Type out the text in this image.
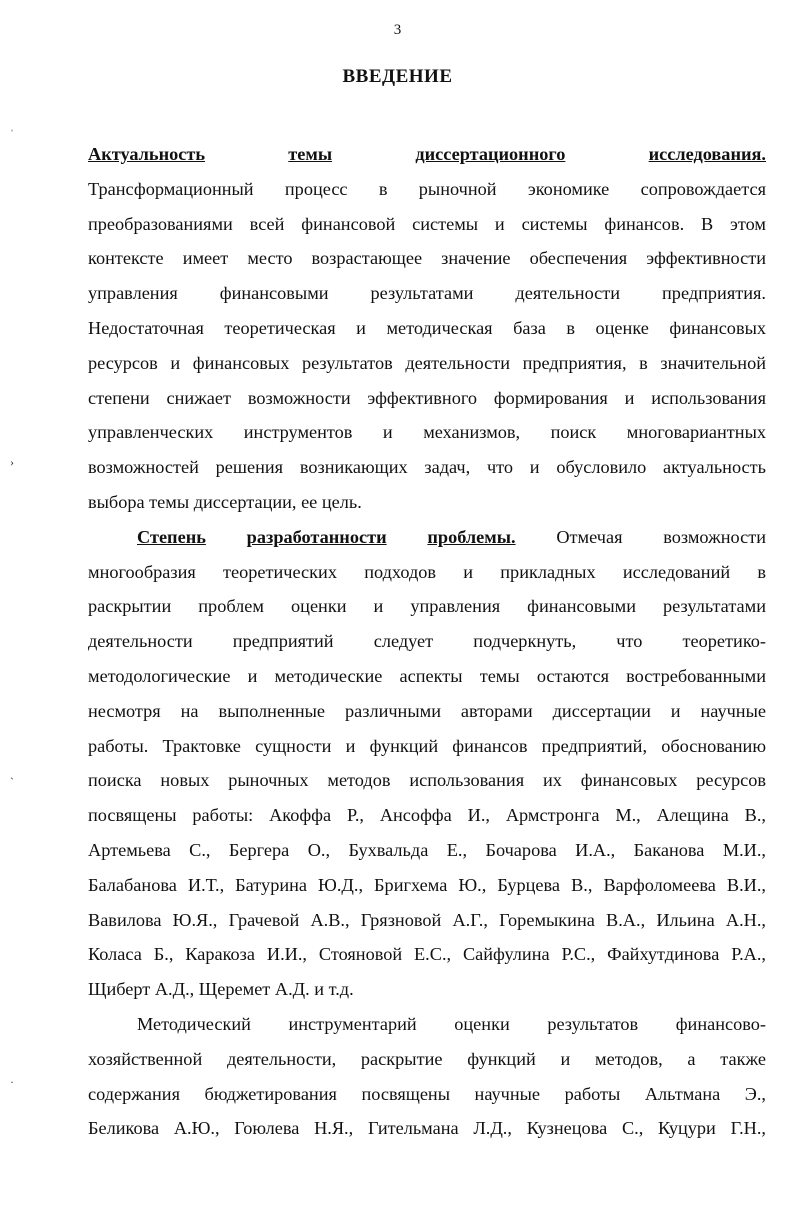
3
ВВЕДЕНИЕ
ˌ
›
ˋ
·
Актуальность	темы	диссертационного	исследования.
Трансформационный процесс в рыночной экономике сопровождается
преобразованиями всей финансовой системы и системы финансов. В этом
контексте имеет место возрастающее значение обеспечения эффективности
управления финансовыми результатами деятельности предприятия.
Недостаточная теоретическая и методическая база в оценке финансовых
ресурсов и финансовых результатов деятельности предприятия, в значительной
степени снижает возможности эффективного формирования и использования
управленческих инструментов и механизмов, поиск многовариантных
возможностей решения возникающих задач, что и обусловило актуальность
выбора темы диссертации, ее цель.
Степень разработанности проблемы. Отмечая возможности
многообразия теоретических подходов и прикладных исследований в
раскрытии проблем оценки и управления финансовыми результатами
деятельности предприятий следует подчеркнуть, что теоретико-
методологические и методические аспекты темы остаются востребованными
несмотря на выполненные различными авторами диссертации и научные
работы. Трактовке сущности и функций финансов предприятий, обоснованию
поиска новых рыночных методов использования их финансовых ресурсов
посвящены работы: Акоффа Р., Ансоффа И., Армстронга М., Алещина В.,
Артемьева С., Бергера О., Бухвальда Е., Бочарова И.А., Баканова М.И.,
Балабанова И.Т., Батурина Ю.Д., Бригхема Ю., Бурцева В., Варфоломеева В.И.,
Вавилова Ю.Я., Грачевой А.В., Грязновой А.Г., Горемыкина В.А., Ильина А.Н.,
Коласа Б., Каракоза И.И., Стояновой Е.С., Сайфулина Р.С., Файхутдинова Р.А.,
Щиберт А.Д., Щеремет А.Д. и т.д.
Методический инструментарий оценки результатов финансово-
хозяйственной деятельности, раскрытие функций и методов, а также
содержания бюджетирования посвящены научные работы Альтмана Э.,
Беликова А.Ю., Гоюлева Н.Я., Гительмана Л.Д., Кузнецова С., Куцури Г.Н.,
